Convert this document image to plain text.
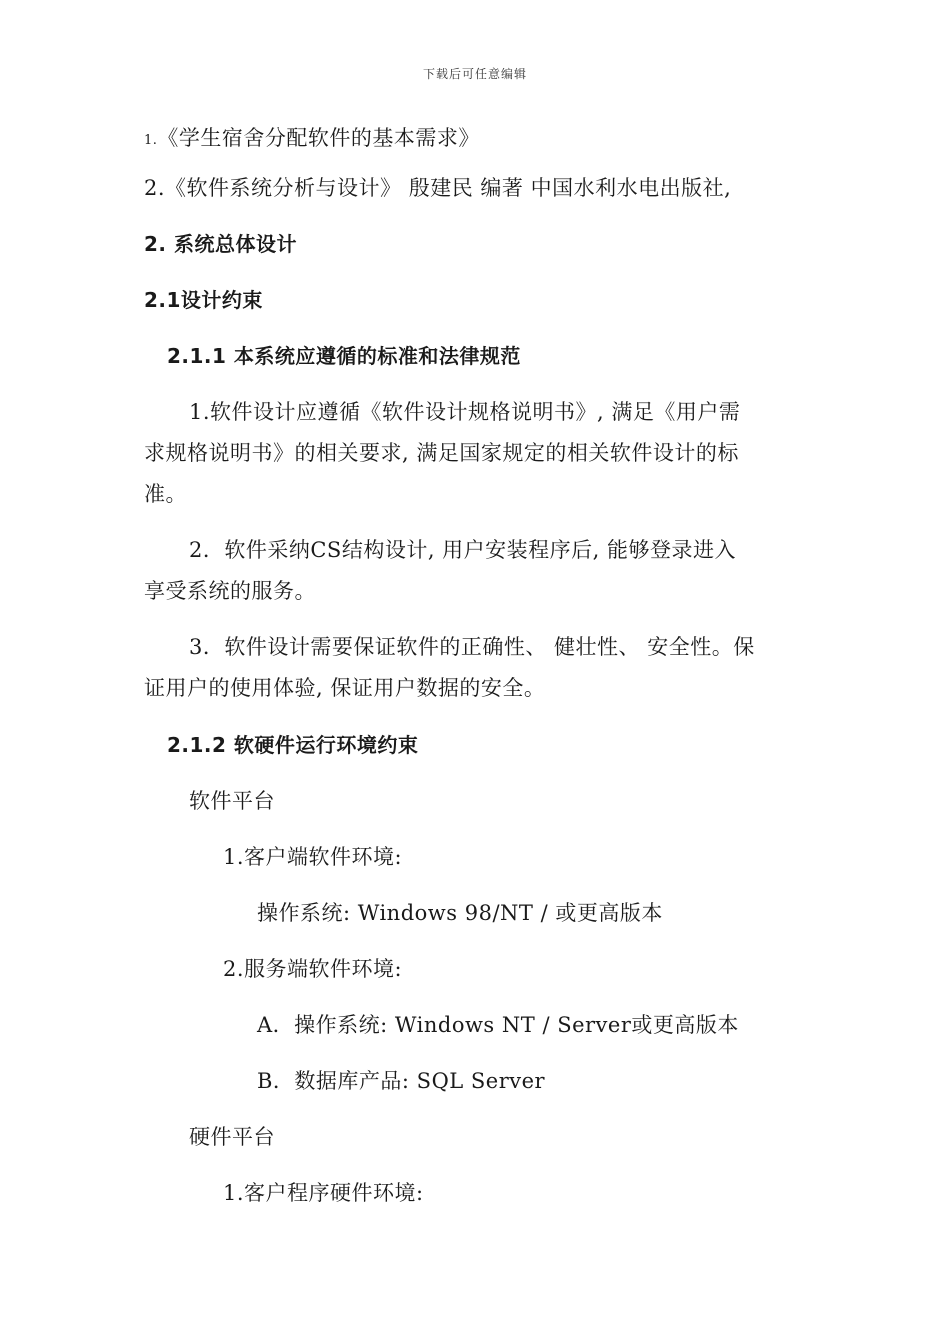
下载后可任意编辑
1.《学生宿舍分配软件的基本需求》
2.《软件系统分析与设计》 殷建民 编著 中国水利水电出版社,
2. 系统总体设计
2.1设计约束
2.1.1 本系统应遵循的标准和法律规范
1.软件设计应遵循《软件设计规格说明书》, 满足《用户需
求规格说明书》的相关要求, 满足国家规定的相关软件设计的标
准。
2．软件采纳CS结构设计, 用户安装程序后, 能够登录进入
享受系统的服务。
3．软件设计需要保证软件的正确性、 健壮性、 安全性。保
证用户的使用体验, 保证用户数据的安全。
2.1.2 软硬件运行环境约束
软件平台
1.客户端软件环境:
操作系统: Windows 98/NT / 或更高版本
2.服务端软件环境:
A．操作系统: Windows NT / Server或更高版本
B．数据库产品: SQL Server
硬件平台
1.客户程序硬件环境:
